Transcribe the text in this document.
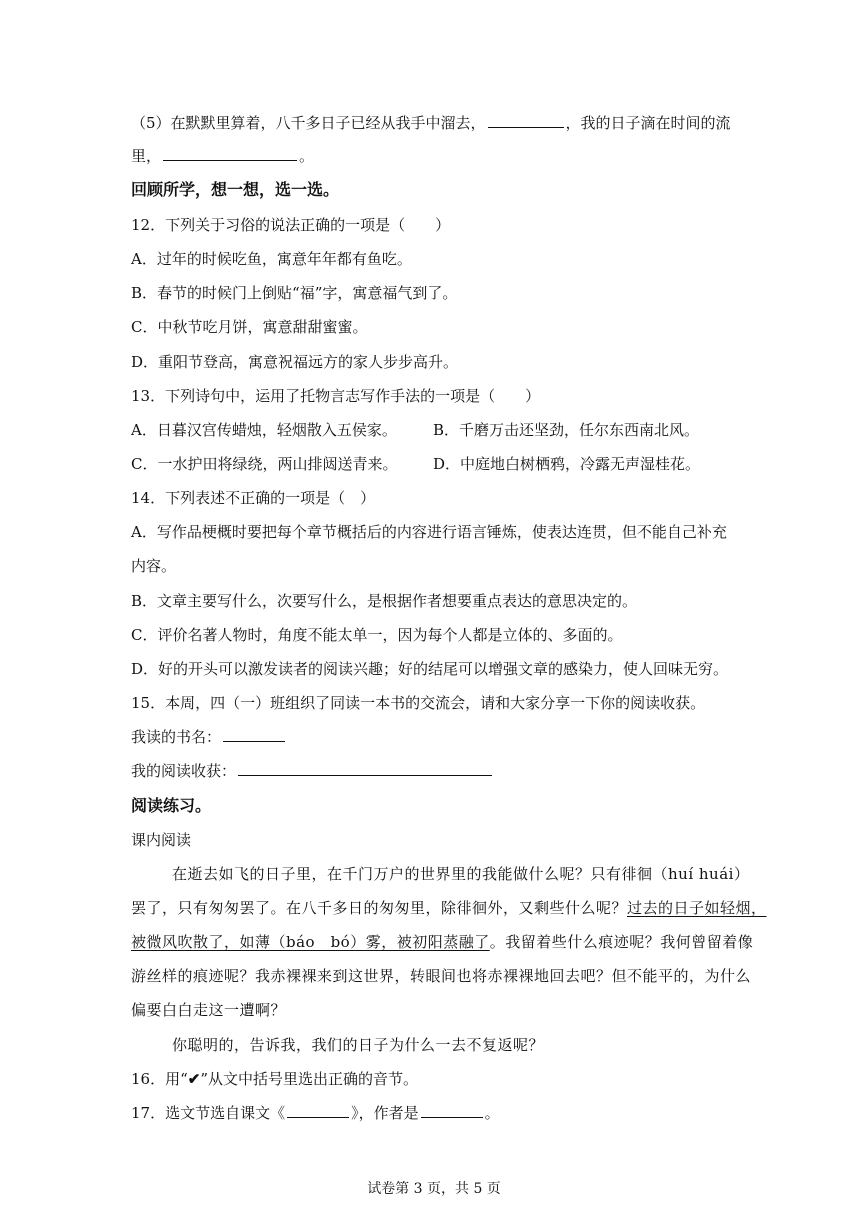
（5）在默默里算着，八千多日子已经从我手中溜去，	，我的日子滴在时间的流
里，	。
回顾所学，想一想，选一选。
12．下列关于习俗的说法正确的一项是（　　）
A．过年的时候吃鱼，寓意年年都有鱼吃。
B．春节的时候门上倒贴“福”字，寓意福气到了。
C．中秋节吃月饼，寓意甜甜蜜蜜。
D．重阳节登高，寓意祝福远方的家人步步高升。
13．下列诗句中，运用了托物言志写作手法的一项是（　　）
A．日暮汉宫传蜡烛，轻烟散入五侯家。 B．千磨万击还坚劲，任尔东西南北风。
C．一水护田将绿绕，两山排闼送青来。 D．中庭地白树栖鸦，冷露无声湿桂花。
14．下列表述不正确的一项是（　）
A．写作品梗概时要把每个章节概括后的内容进行语言锤炼，使表达连贯，但不能自己补充
内容。
B．文章主要写什么，次要写什么，是根据作者想要重点表达的意思决定的。
C．评价名著人物时，角度不能太单一，因为每个人都是立体的、多面的。
D．好的开头可以激发读者的阅读兴趣；好的结尾可以增强文章的感染力，使人回味无穷。
15．本周，四（一）班组织了同读一本书的交流会，请和大家分享一下你的阅读收获。
我读的书名：
我的阅读收获：
阅读练习。
课内阅读
在逝去如飞的日子里，在千门万户的世界里的我能做什么呢？只有徘徊（huí huái）
罢了，只有匆匆罢了。在八千多日的匆匆里，除徘徊外，又剩些什么呢？过去的日子如轻烟，
被微风吹散了，如薄（báo　bó）雾，被初阳蒸融了。我留着些什么痕迹呢？我何曾留着像
游丝样的痕迹呢？我赤裸裸来到这世界，转眼间也将赤裸裸地回去吧？但不能平的，为什么
偏要白白走这一遭啊？
你聪明的，告诉我，我们的日子为什么一去不复返呢？
16．用“✔”从文中括号里选出正确的音节。
17．选文节选自课文《	》，作者是	。
试卷第 3 页，共 5 页
